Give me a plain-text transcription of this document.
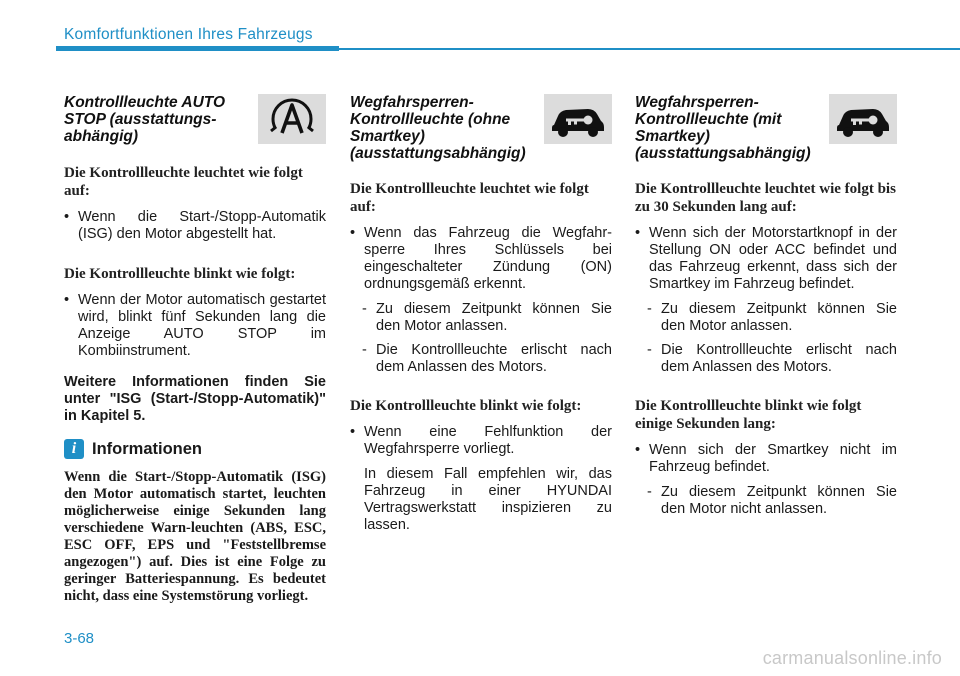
Komfortfunktionen Ihres Fahrzeugs

Kontrollleuchte AUTO STOP (ausstattungs- abhängig)

Die Kontrollleuchte leuchtet wie folgt auf:

• Wenn die Start-/Stopp-Automatik (ISG) den Motor abgestellt hat.

Die Kontrollleuchte blinkt wie folgt:

• Wenn der Motor automatisch gestartet wird, blinkt fünf Sekunden lang die Anzeige AUTO STOP im Kombiinstrument.

Weitere Informationen finden Sie unter "ISG (Start-/Stopp-Automatik)" in Kapitel 5.

i Informationen

Wenn die Start-/Stopp-Automatik (ISG) den Motor automatisch startet, leuchten möglicherweise einige Sekunden lang verschiedene Warn-leuchten (ABS, ESC, ESC OFF, EPS und "Feststellbremse angezogen") auf. Dies ist eine Folge zu geringer Batteriespannung. Es bedeutet nicht, dass eine Systemstörung vorliegt.

Wegfahrsperren-Kontrollleuchte (ohne Smartkey) (ausstattungsabhängig)

Die Kontrollleuchte leuchtet wie folgt auf:

• Wenn das Fahrzeug die Wegfahr-sperre Ihres Schlüssels bei eingeschalteter Zündung (ON) ordnungsgemäß erkennt.

- Zu diesem Zeitpunkt können Sie den Motor anlassen.

- Die Kontrollleuchte erlischt nach dem Anlassen des Motors.

Die Kontrollleuchte blinkt wie folgt:

• Wenn eine Fehlfunktion der Wegfahrsperre vorliegt.

In diesem Fall empfehlen wir, das Fahrzeug in einer HYUNDAI Vertragswerkstatt inspizieren zu lassen.

Wegfahrsperren-Kontrollleuchte (mit Smartkey) (ausstattungsabhängig)

Die Kontrollleuchte leuchtet wie folgt bis zu 30 Sekunden lang auf:

• Wenn sich der Motorstartknopf in der Stellung ON oder ACC befindet und das Fahrzeug erkennt, dass sich der Smartkey im Fahrzeug befindet.

- Zu diesem Zeitpunkt können Sie den Motor anlassen.

- Die Kontrollleuchte erlischt nach dem Anlassen des Motors.

Die Kontrollleuchte blinkt wie folgt einige Sekunden lang:

• Wenn sich der Smartkey nicht im Fahrzeug befindet.

- Zu diesem Zeitpunkt können Sie den Motor nicht anlassen.

3-68
carmanualsonline.info
